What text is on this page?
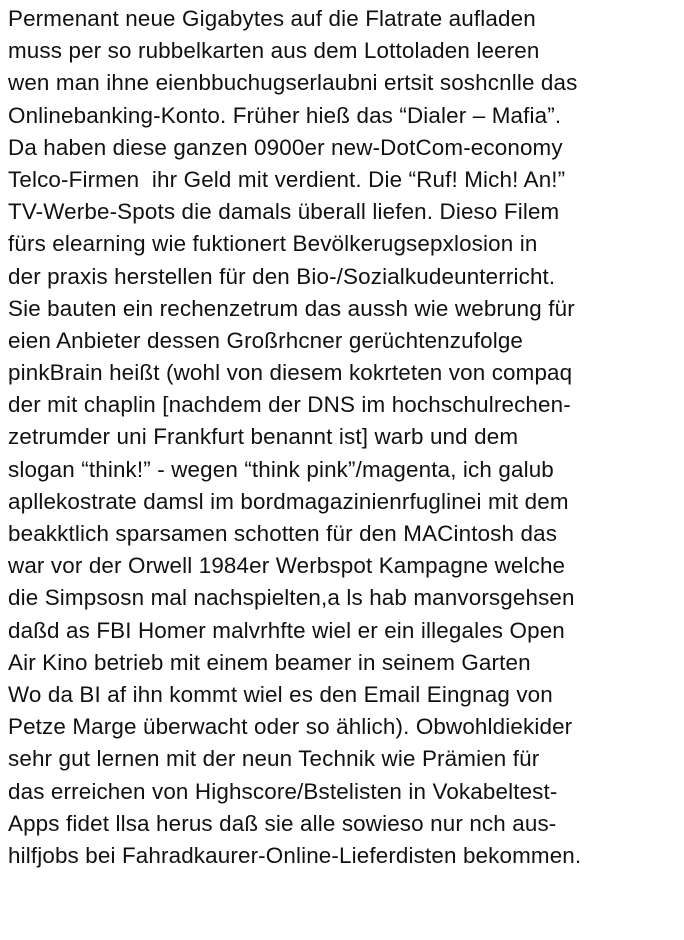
Permenant neue Gigabytes auf die Flatrate aufladen
muss per so rubbelkarten aus dem Lottoladen leeren
wen man ihne eienbbuchugserlaubni ertsit soshcnlle das
Onlinebanking-Konto. Früher hieß das “Dialer – Mafia”.
Da haben diese ganzen 0900er new-DotCom-economy
Telco-Firmen  ihr Geld mit verdient. Die “Ruf! Mich! An!”
TV-Werbe-Spots die damals überall liefen. Dieso Filem
fürs elearning wie fuktionert Bevölkerugsepxlosion in
der praxis herstellen für den Bio-/Sozialkudeunterricht.
Sie bauten ein rechenzetrum das aussh wie webrung für
eien Anbieter dessen Großrhcner gerüchtenzufolge
pinkBrain heißt (wohl von diesem kokrteten von compaq
der mit chaplin [nachdem der DNS im hochschulrechen-
zetrumder uni Frankfurt benannt ist] warb und dem
slogan “think!” - wegen “think pink”/magenta, ich galub
apllekostrate damsl im bordmagazinienrfuglinei mit dem
beakktlich sparsamen schotten für den MACintosh das
war vor der Orwell 1984er Werbspot Kampagne welche
die Simpsosn mal nachspielten,a ls hab manvorsgehsen
daßd as FBI Homer malvrhfte wiel er ein illegales Open
Air Kino betrieb mit einem beamer in seinem Garten
Wo da BI af ihn kommt wiel es den Email Eingnag von
Petze Marge überwacht oder so ählich). Obwohldiekider
sehr gut lernen mit der neun Technik wie Prämien für
das erreichen von Highscore/Bstelisten in Vokabeltest-
Apps fidet llsa herus daß sie alle sowieso nur nch aus-
hilfjobs bei Fahradkaurer-Online-Lieferdisten bekommen.
